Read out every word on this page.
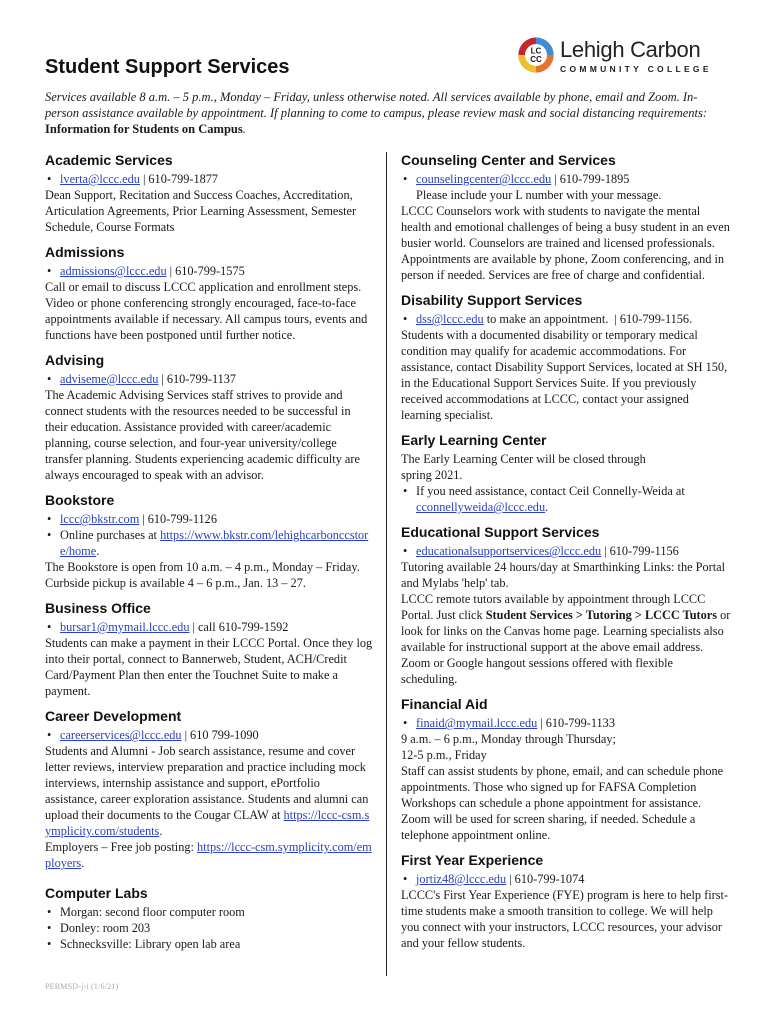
LC
CC Lehigh Carbon
COMMUNITY COLLEGE
Student Support Services

Services available 8 a.m. – 5 p.m., Monday – Friday, unless otherwise noted. All services available by phone, email and Zoom. In-person assistance available by appointment. If planning to come to campus, please review mask and social distancing requirements: Information for Students on Campus.

Academic Services
• lverta@lccc.edu | 610-799-1877

Dean Support, Recitation and Success Coaches, Accreditation, Articulation Agreements, Prior Learning Assessment, Semester Schedule, Course Formats

Admissions
• admissions@lccc.edu | 610-799-1575

Call or email to discuss LCCC application and enrollment steps. Video or phone conferencing strongly encouraged, face-to-face appointments available if necessary. All campus tours, events and functions have been postponed until further notice.

Advising
• adviseme@lccc.edu | 610-799-1137

The Academic Advising Services staff strives to provide and connect students with the resources needed to be successful in their education. Assistance provided with career/academic planning, course selection, and four-year university/college transfer planning. Students experiencing academic difficulty are always encouraged to speak with an advisor.

Bookstore
• lccc@bkstr.com | 610-799-1126
• Online purchases at https://www.bkstr.com/lehighcarbonccstore/home.

The Bookstore is open from 10 a.m. – 4 p.m., Monday – Friday. Curbside pickup is available 4 – 6 p.m., Jan. 13 – 27.

Business Office
• bursar1@mymail.lccc.edu | call 610-799-1592

Students can make a payment in their LCCC Portal. Once they log into their portal, connect to Bannerweb, Student, ACH/Credit Card/Payment Plan then enter the Touchnet Suite to make a payment.

Career Development
• careerservices@lccc.edu | 610 799-1090

Students and Alumni - Job search assistance, resume and cover letter reviews, interview preparation and practice including mock interviews, internship assistance and support, ePortfolio assistance, career exploration assistance. Students and alumni can upload their documents to the Cougar CLAW at https://lccc-csm.symplicity.com/students.

Employers – Free job posting: https://lccc-csm.symplicity.com/employers.

Computer Labs
• Morgan: second floor computer room
• Donley: room 203
• Schnecksville: Library open lab area
Counseling Center and Services
• counselingcenter@lccc.edu | 610-799-1895
Please include your L number with your message.

LCCC Counselors work with students to navigate the mental health and emotional challenges of being a busy student in an even busier world. Counselors are trained and licensed professionals. Appointments are available by phone, Zoom conferencing, and in person if needed. Services are free of charge and confidential.

Disability Support Services
• dss@lccc.edu to make an appointment. | 610-799-1156.

Students with a documented disability or temporary medical condition may qualify for academic accommodations. For assistance, contact Disability Support Services, located at SH 150, in the Educational Support Services Suite. If you previously received accommodations at LCCC, contact your assigned learning specialist.

Early Learning Center

The Early Learning Center will be closed through spring 2021.

• If you need assistance, contact Ceil Connelly-Weida at cconnellyweida@lccc.edu.
Educational Support Services
• educationalsupportservices@lccc.edu | 610-799-1156

Tutoring available 24 hours/day at Smarthinking Links: the Portal and Mylabs 'help' tab.

LCCC remote tutors available by appointment through LCCC Portal. Just click Student Services > Tutoring > LCCC Tutors or look for links on the Canvas home page. Learning specialists also available for instructional support at the above email address. Zoom or Google hangout sessions offered with flexible scheduling.

Financial Aid
• finaid@mymail.lccc.edu | 610-799-1133

9 a.m. – 6 p.m., Monday through Thursday;

12-5 p.m., Friday

Staff can assist students by phone, email, and can schedule phone appointments. Those who signed up for FAFSA Completion Workshops can schedule a phone appointment for assistance. Zoom will be used for screen sharing, if needed. Schedule a telephone appointment online.

First Year Experience
• jortiz48@lccc.edu | 610-799-1074

LCCC's First Year Experience (FYE) program is here to help first-time students make a smooth transition to college. We will help you connect with your instructors, LCCC resources, your advisor and your fellow students.

PERMSD-j-i (1/6/21)
